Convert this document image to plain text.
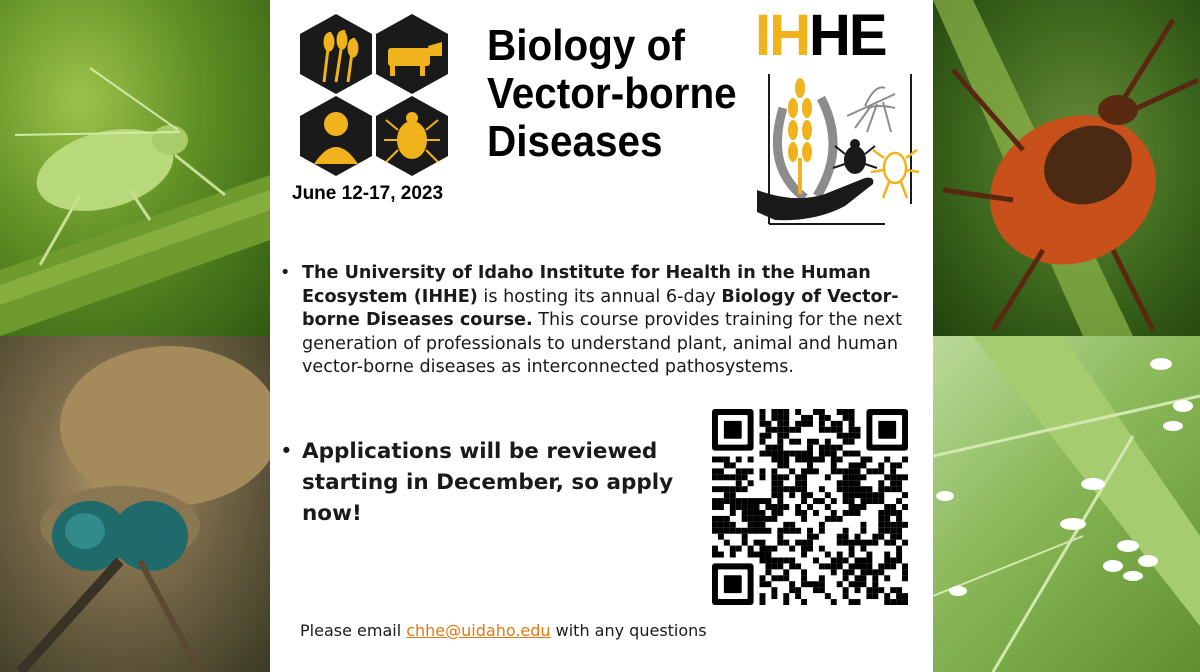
Biology of
Vector-borne
Diseases
June 12-17, 2023
IHHE
• The University of Idaho Institute for Health in the Human Ecosystem (IHHE) is hosting its annual 6-day Biology of Vector-borne Diseases course. This course provides training for the next generation of professionals to understand plant, animal and human vector-borne diseases as interconnected pathosystems.
• Applications will be reviewed starting in December, so apply now!
Please email chhe@uidaho.edu with any questions
